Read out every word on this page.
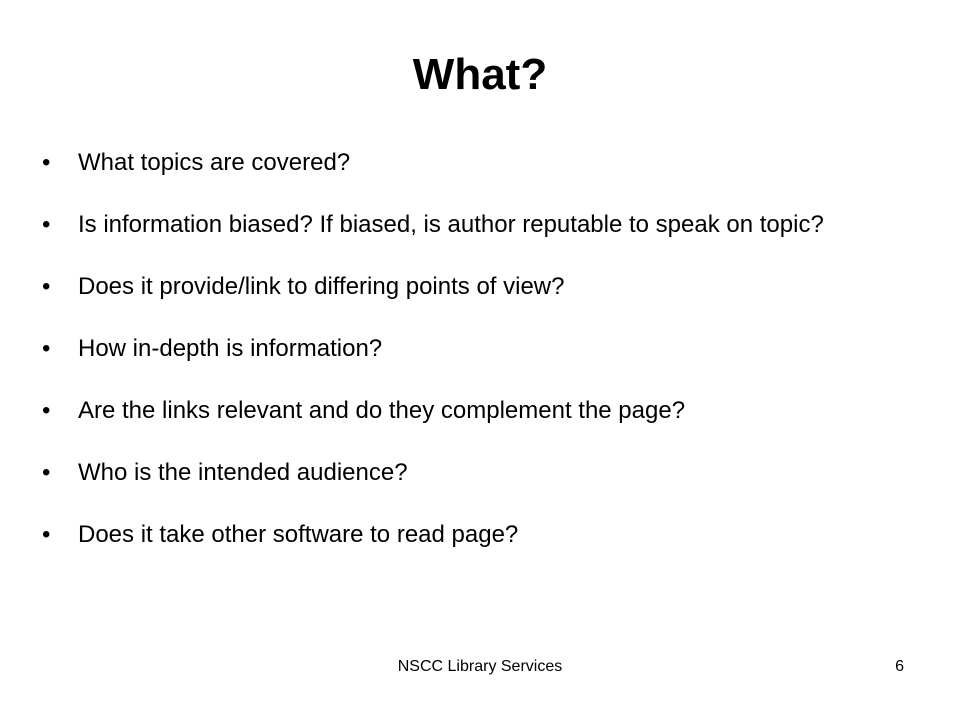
What?
•	What topics are covered?
•	Is information biased? If biased, is author reputable to speak on topic?
•	Does it provide/link to differing points of view?
•	How in-depth is information?
•	Are the links relevant and do they complement the page?
•	Who is the intended audience?
•	Does it take other software to read page?
NSCC Library Services	6
